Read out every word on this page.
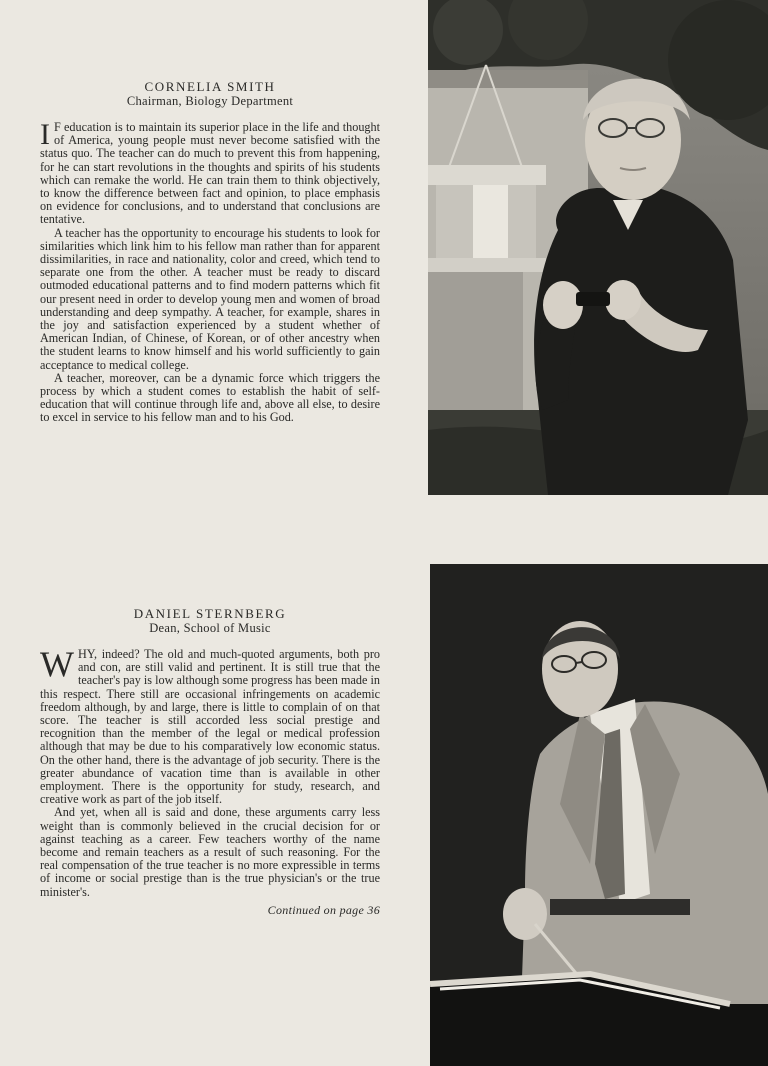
CORNELIA SMITH
Chairman, Biology Department

I F education is to maintain its superior place in the life and thought of America, young people must never become satisfied with the status quo. The teacher can do much to prevent this from happening, for he can start revolutions in the thoughts and spirits of his students which can remake the world. He can train them to think objectively, to know the difference between fact and opinion, to place emphasis on evidence for conclusions, and to understand that conclusions are tentative.

A teacher has the opportunity to encourage his students to look for similarities which link him to his fellow man rather than for apparent dissimilarities, in race and nationality, color and creed, which tend to separate one from the other. A teacher must be ready to discard outmoded educational patterns and to find modern patterns which fit our present need in order to develop young men and women of broad understanding and deep sympathy. A teacher, for example, shares in the joy and satisfaction experienced by a student whether of American Indian, of Chinese, of Korean, or of other ancestry when the student learns to know himself and his world sufficiently to gain acceptance to medical college.

A teacher, moreover, can be a dynamic force which triggers the process by which a student comes to establish the habit of self-education that will continue through life and, above all else, to desire to excel in service to his fellow man and to his God.

DANIEL STERNBERG
Dean, School of Music

WHY, indeed? The old and much-quoted arguments, both pro and con, are still valid and pertinent. It is still true that the teacher's pay is low although some progress has been made in this respect. There still are occasional infringements on academic freedom although, by and large, there is little to complain of on that score. The teacher is still accorded less social prestige and recognition than the member of the legal or medical profession although that may be due to his comparatively low economic status. On the other hand, there is the advantage of job security. There is the greater abundance of vacation time than is available in other employment. There is the opportunity for study, research, and creative work as part of the job itself.

And yet, when all is said and done, these arguments carry less weight than is commonly believed in the crucial decision for or against teaching as a career. Few teachers worthy of the name become and remain teachers as a result of such reasoning. For the real compensation of the true teacher is no more expressible in terms of income or social prestige than is the true physician's or the true minister's.

Continued on page 36
